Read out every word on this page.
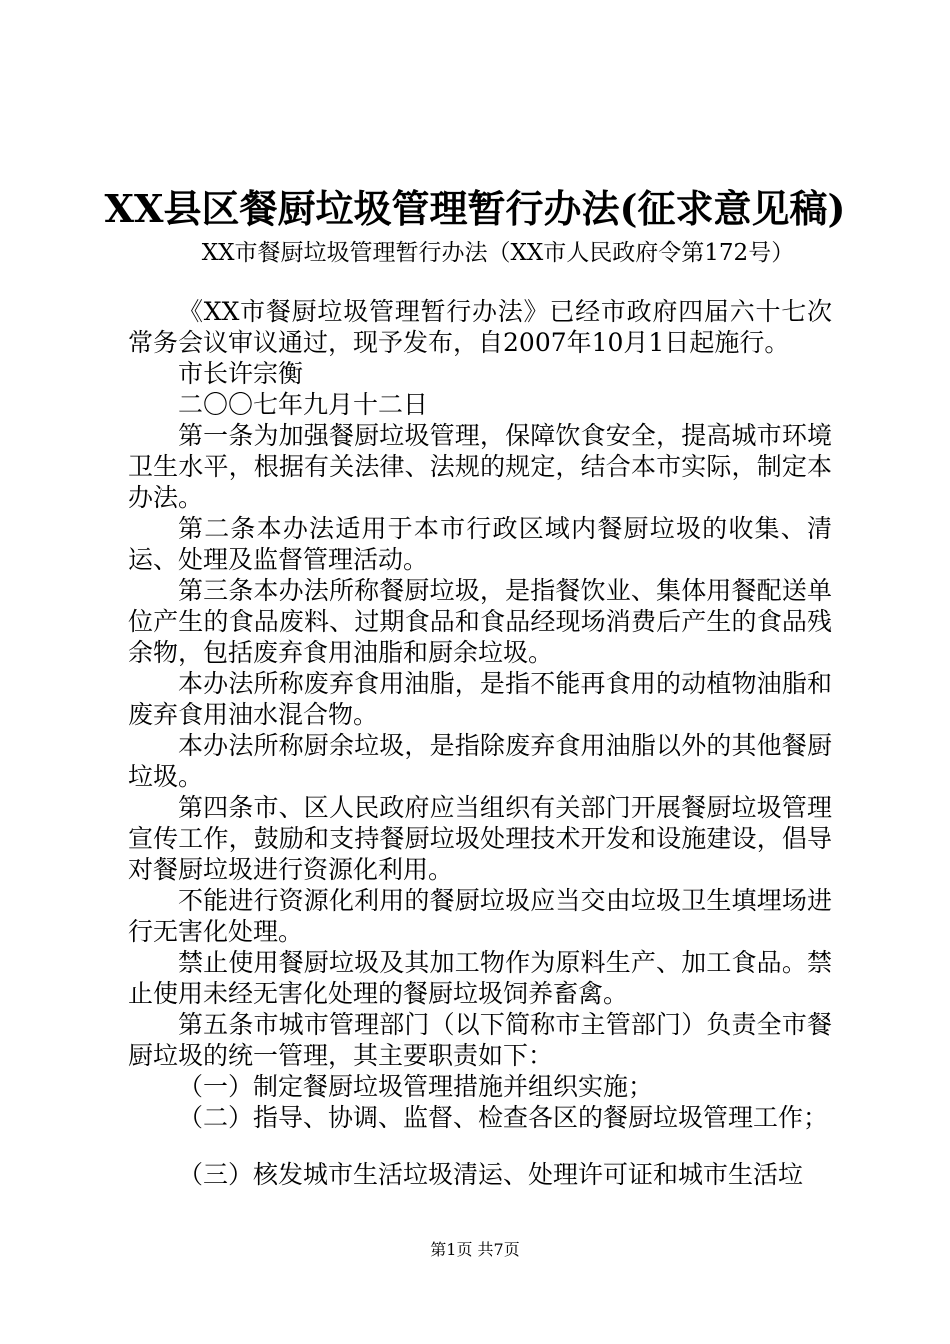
XX县区餐厨垃圾管理暂行办法(征求意见稿)
XX市餐厨垃圾管理暂行办法（XX市人民政府令第172号）

《XX市餐厨垃圾管理暂行办法》已经市政府四届六十七次常务会议审议通过，现予发布，自2007年10月1日起施行。

市长许宗衡

二〇〇七年九月十二日

第一条为加强餐厨垃圾管理，保障饮食安全，提高城市环境卫生水平，根据有关法律、法规的规定，结合本市实际，制定本办法。

第二条本办法适用于本市行政区域内餐厨垃圾的收集、清运、处理及监督管理活动。

第三条本办法所称餐厨垃圾，是指餐饮业、集体用餐配送单位产生的食品废料、过期食品和食品经现场消费后产生的食品残余物，包括废弃食用油脂和厨余垃圾。

本办法所称废弃食用油脂，是指不能再食用的动植物油脂和废弃食用油水混合物。

本办法所称厨余垃圾，是指除废弃食用油脂以外的其他餐厨垃圾。

第四条市、区人民政府应当组织有关部门开展餐厨垃圾管理宣传工作，鼓励和支持餐厨垃圾处理技术开发和设施建设，倡导对餐厨垃圾进行资源化利用。

不能进行资源化利用的餐厨垃圾应当交由垃圾卫生填埋场进行无害化处理。

禁止使用餐厨垃圾及其加工物作为原料生产、加工食品。禁止使用未经无害化处理的餐厨垃圾饲养畜禽。

第五条市城市管理部门（以下简称市主管部门）负责全市餐厨垃圾的统一管理，其主要职责如下：

（一）制定餐厨垃圾管理措施并组织实施；

（二）指导、协调、监督、检查各区的餐厨垃圾管理工作；

（三）核发城市生活垃圾清运、处理许可证和城市生活垃

第1页 共7页
